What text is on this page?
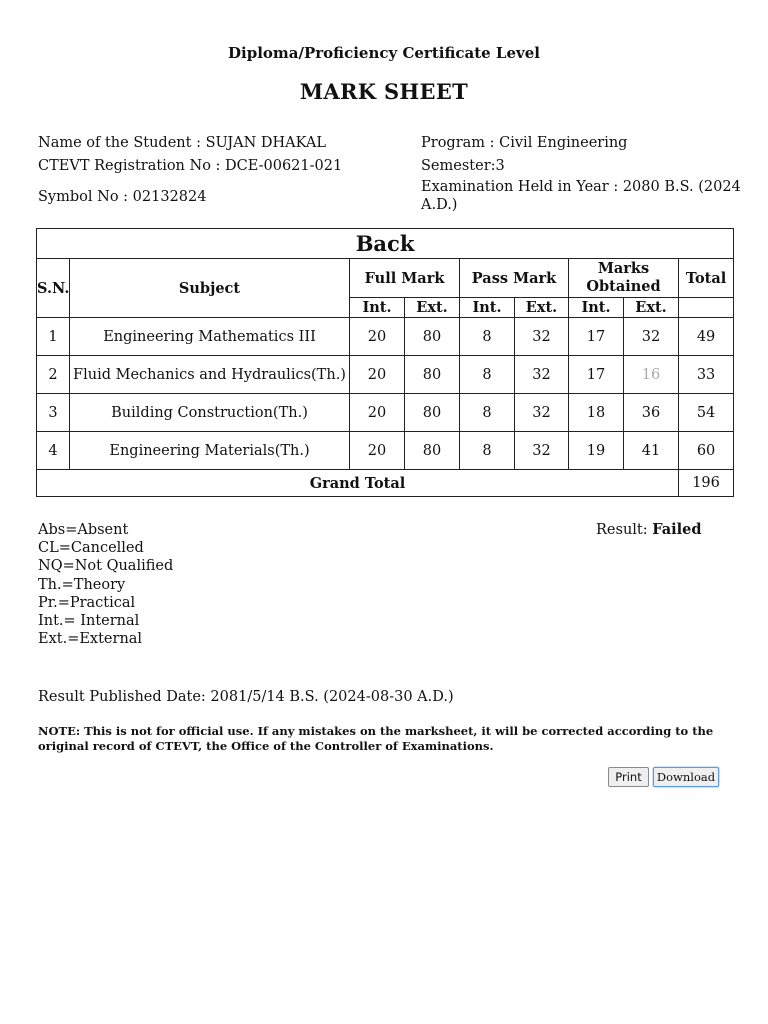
Diploma/Proficiency Certificate Level
MARK SHEET
Name of the Student : SUJAN DHAKAL
CTEVT Registration No : DCE-00621-021
Symbol No : 02132824
Program : Civil Engineering
Semester:3
Examination Held in Year : 2080 B.S. (2024 A.D.)
Back								
S.N.	Subject	Full Mark		Pass Mark		Marks Obtained		Total
		Int.	Ext.	Int.	Ext.	Int.	Ext.	
1	Engineering Mathematics III	20	80	8	32	17	32	49
2	Fluid Mechanics and Hydraulics(Th.)	20	80	8	32	17	16	33
3	Building Construction(Th.)	20	80	8	32	18	36	54
4	Engineering Materials(Th.)	20	80	8	32	19	41	60
Grand Total								196
Abs=Absent
CL=Cancelled
NQ=Not Qualified
Th.=Theory
Pr.=Practical
Int.= Internal
Ext.=External
Result: Failed
Result Published Date: 2081/5/14 B.S. (2024-08-30 A.D.)
NOTE: This is not for official use. If any mistakes on the marksheet, it will be corrected according to the original record of CTEVT, the Office of the Controller of Examinations.
Print	Download
